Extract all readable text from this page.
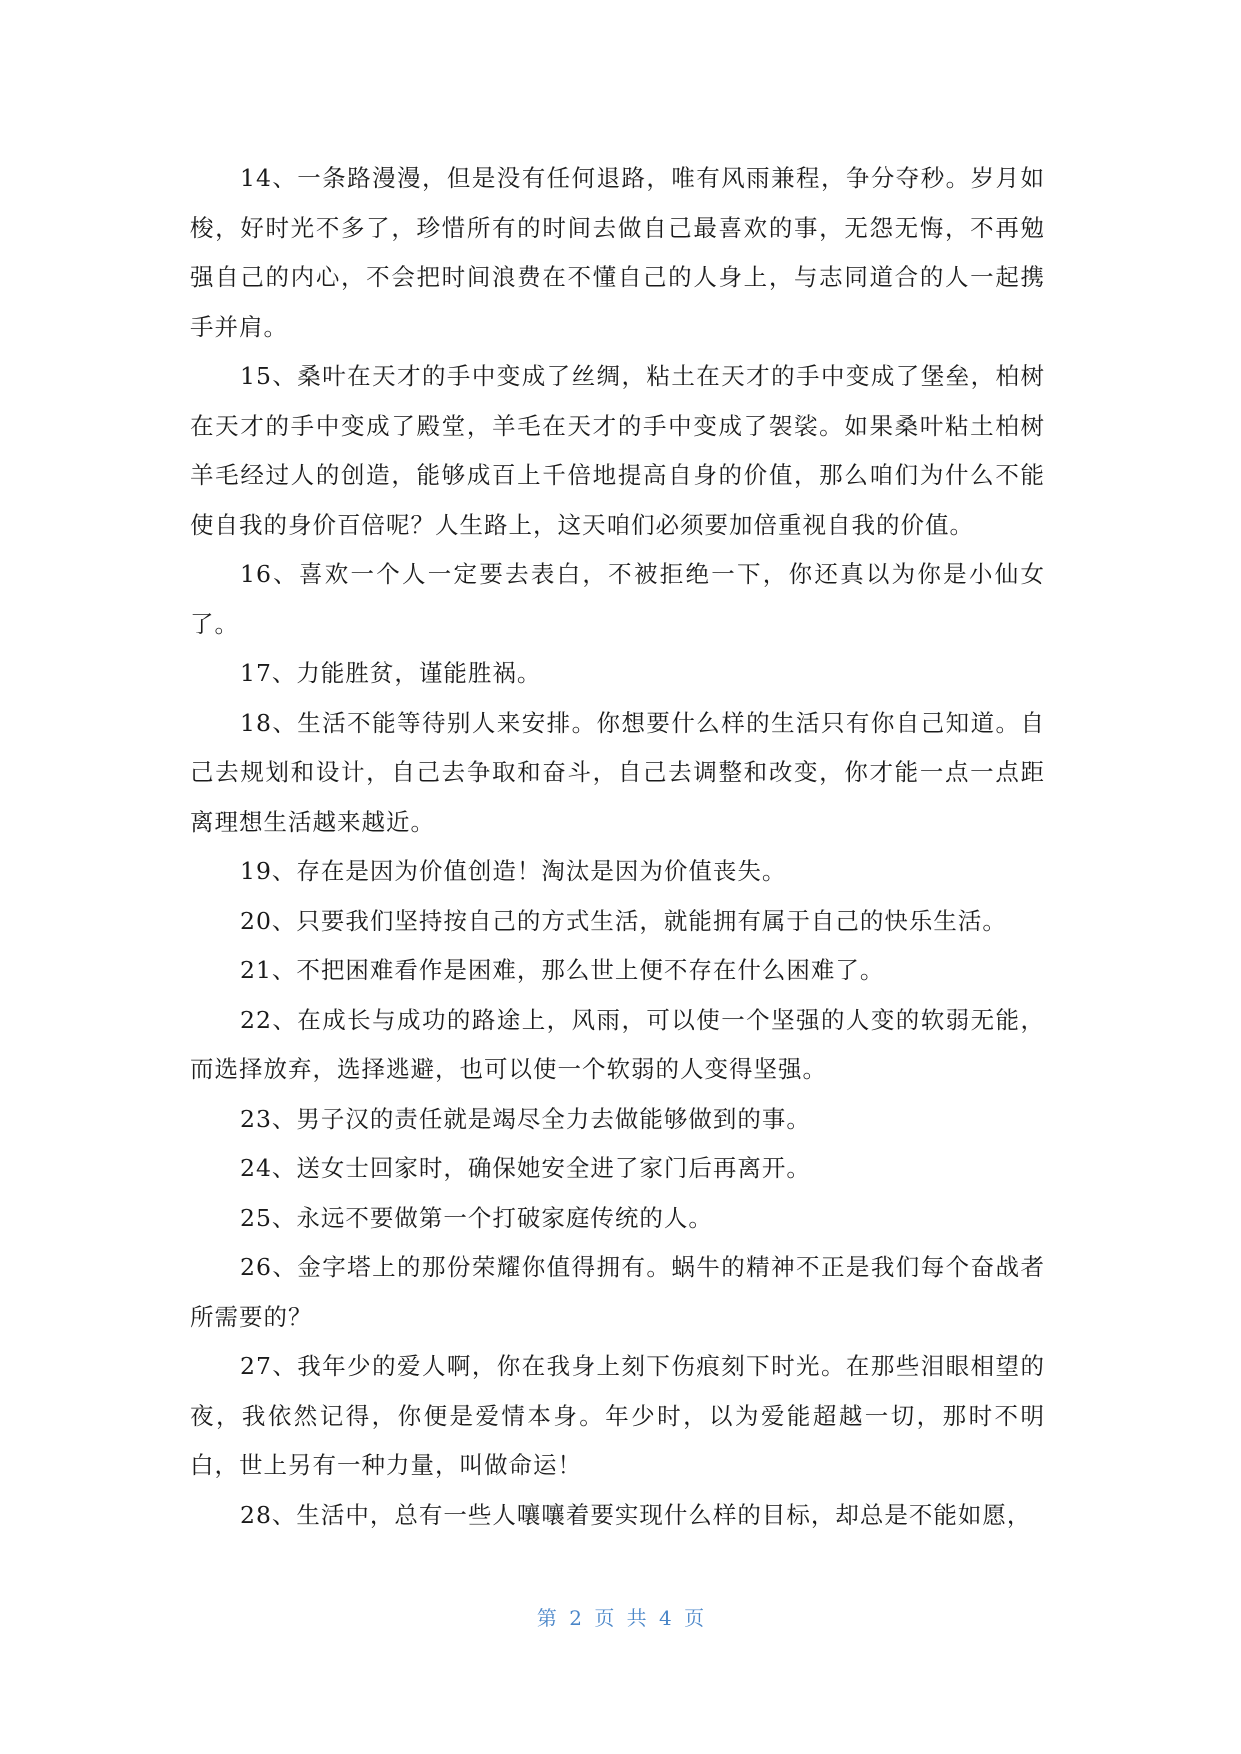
14、一条路漫漫，但是没有任何退路，唯有风雨兼程，争分夺秒。岁月如梭，好时光不多了，珍惜所有的时间去做自己最喜欢的事，无怨无悔，不再勉强自己的内心，不会把时间浪费在不懂自己的人身上，与志同道合的人一起携手并肩。

15、桑叶在天才的手中变成了丝绸，粘土在天才的手中变成了堡垒，柏树在天才的手中变成了殿堂，羊毛在天才的手中变成了袈裟。如果桑叶粘土柏树羊毛经过人的创造，能够成百上千倍地提高自身的价值，那么咱们为什么不能使自我的身价百倍呢？人生路上，这天咱们必须要加倍重视自我的价值。

16、喜欢一个人一定要去表白，不被拒绝一下，你还真以为你是小仙女了。

17、力能胜贫，谨能胜祸。

18、生活不能等待别人来安排。你想要什么样的生活只有你自己知道。自己去规划和设计，自己去争取和奋斗，自己去调整和改变，你才能一点一点距离理想生活越来越近。

19、存在是因为价值创造！淘汰是因为价值丧失。

20、只要我们坚持按自己的方式生活，就能拥有属于自己的快乐生活。

21、不把困难看作是困难，那么世上便不存在什么困难了。

22、在成长与成功的路途上，风雨，可以使一个坚强的人变的软弱无能，而选择放弃，选择逃避，也可以使一个软弱的人变得坚强。

23、男子汉的责任就是竭尽全力去做能够做到的事。

24、送女士回家时，确保她安全进了家门后再离开。

25、永远不要做第一个打破家庭传统的人。

26、金字塔上的那份荣耀你值得拥有。蜗牛的精神不正是我们每个奋战者所需要的？

27、我年少的爱人啊，你在我身上刻下伤痕刻下时光。在那些泪眼相望的夜，我依然记得，你便是爱情本身。年少时，以为爱能超越一切，那时不明白，世上另有一种力量，叫做命运！

28、生活中，总有一些人嚷嚷着要实现什么样的目标，却总是不能如愿，

第 2 页 共 4 页
